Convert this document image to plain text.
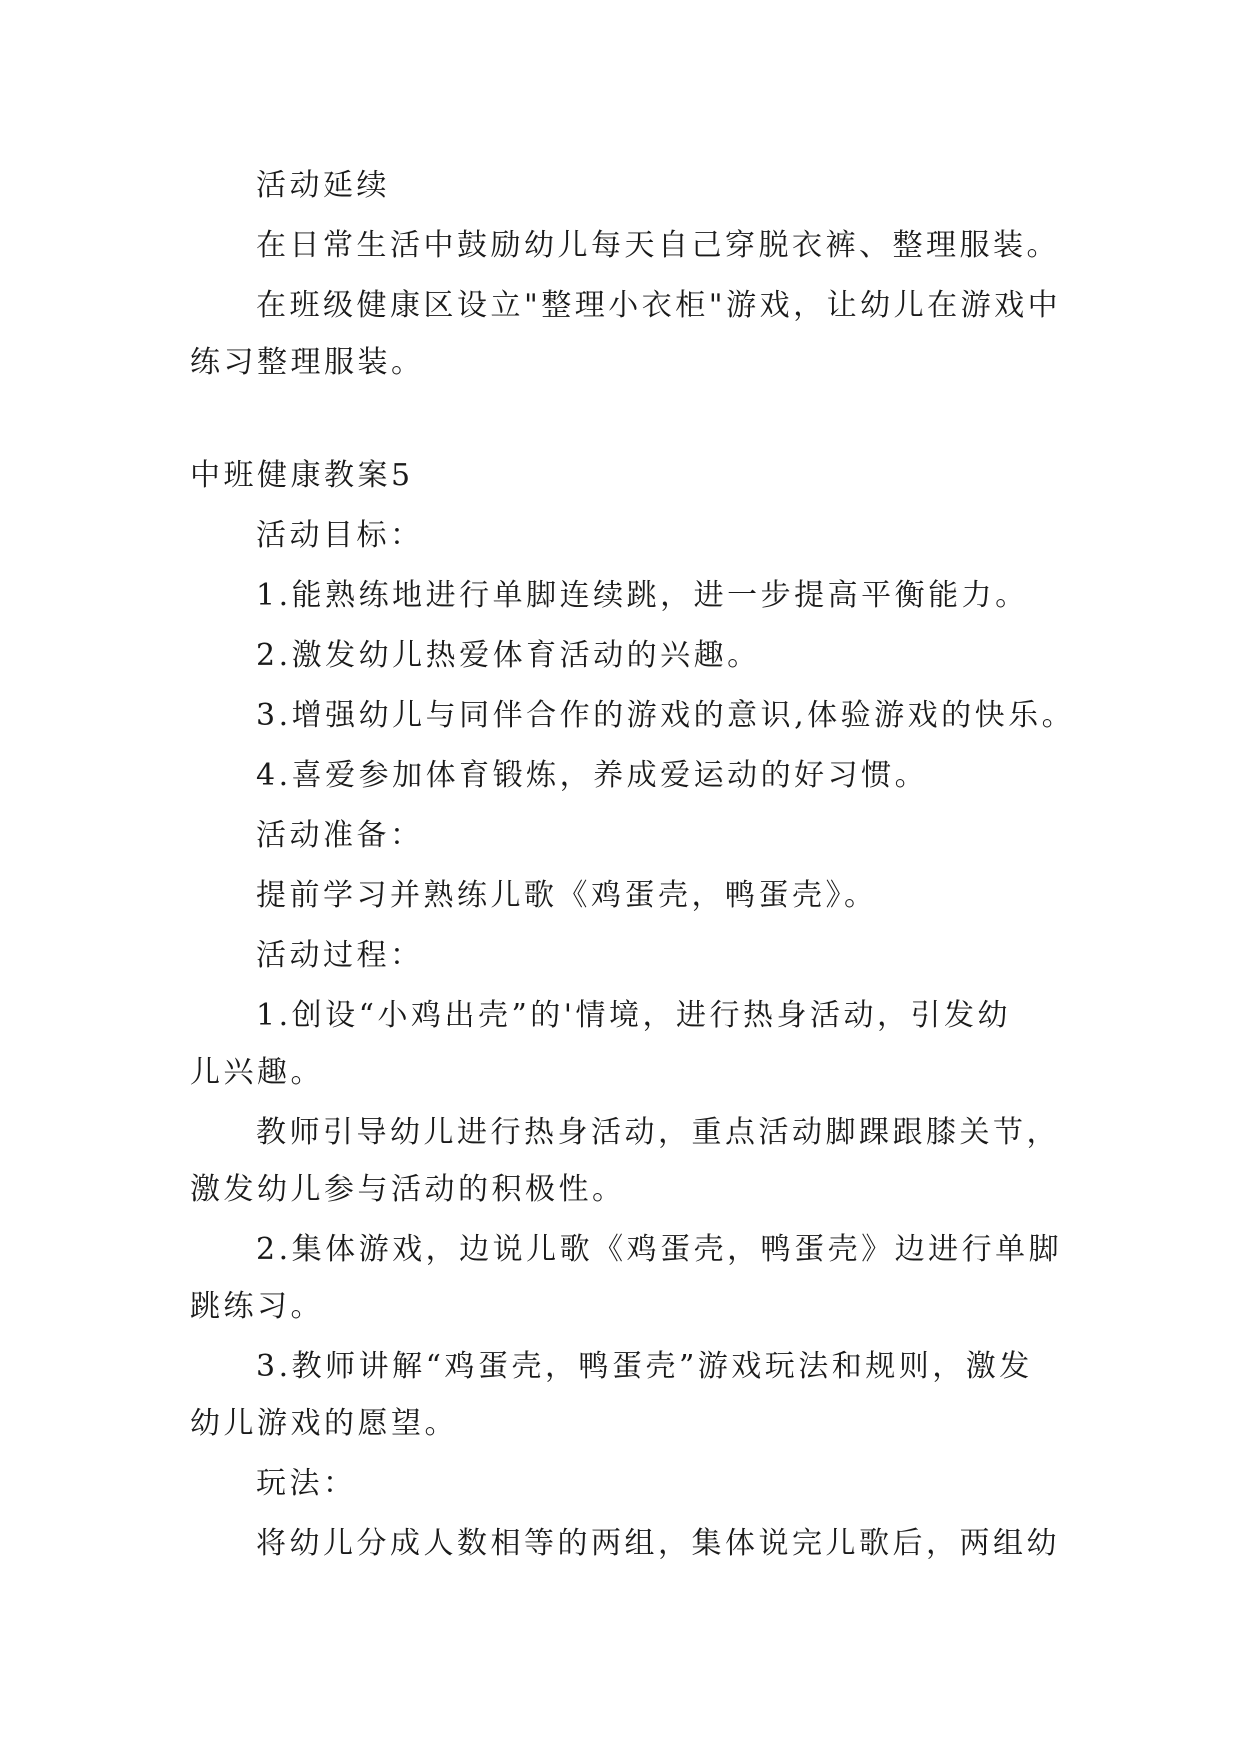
活动延续
在日常生活中鼓励幼儿每天自己穿脱衣裤、整理服装。
在班级健康区设立"整理小衣柜"游戏，让幼儿在游戏中
练习整理服装。
中班健康教案5
活动目标：
1.能熟练地进行单脚连续跳，进一步提高平衡能力。
2.激发幼儿热爱体育活动的兴趣。
3.增强幼儿与同伴合作的游戏的意识,体验游戏的快乐。
4.喜爱参加体育锻炼，养成爱运动的好习惯。
活动准备：
提前学习并熟练儿歌《鸡蛋壳，鸭蛋壳》。
活动过程：
1.创设“小鸡出壳”的'情境，进行热身活动，引发幼
儿兴趣。
教师引导幼儿进行热身活动，重点活动脚踝跟膝关节，
激发幼儿参与活动的积极性。
2.集体游戏，边说儿歌《鸡蛋壳，鸭蛋壳》边进行单脚
跳练习。
3.教师讲解“鸡蛋壳，鸭蛋壳”游戏玩法和规则，激发
幼儿游戏的愿望。
玩法：
将幼儿分成人数相等的两组，集体说完儿歌后，两组幼
